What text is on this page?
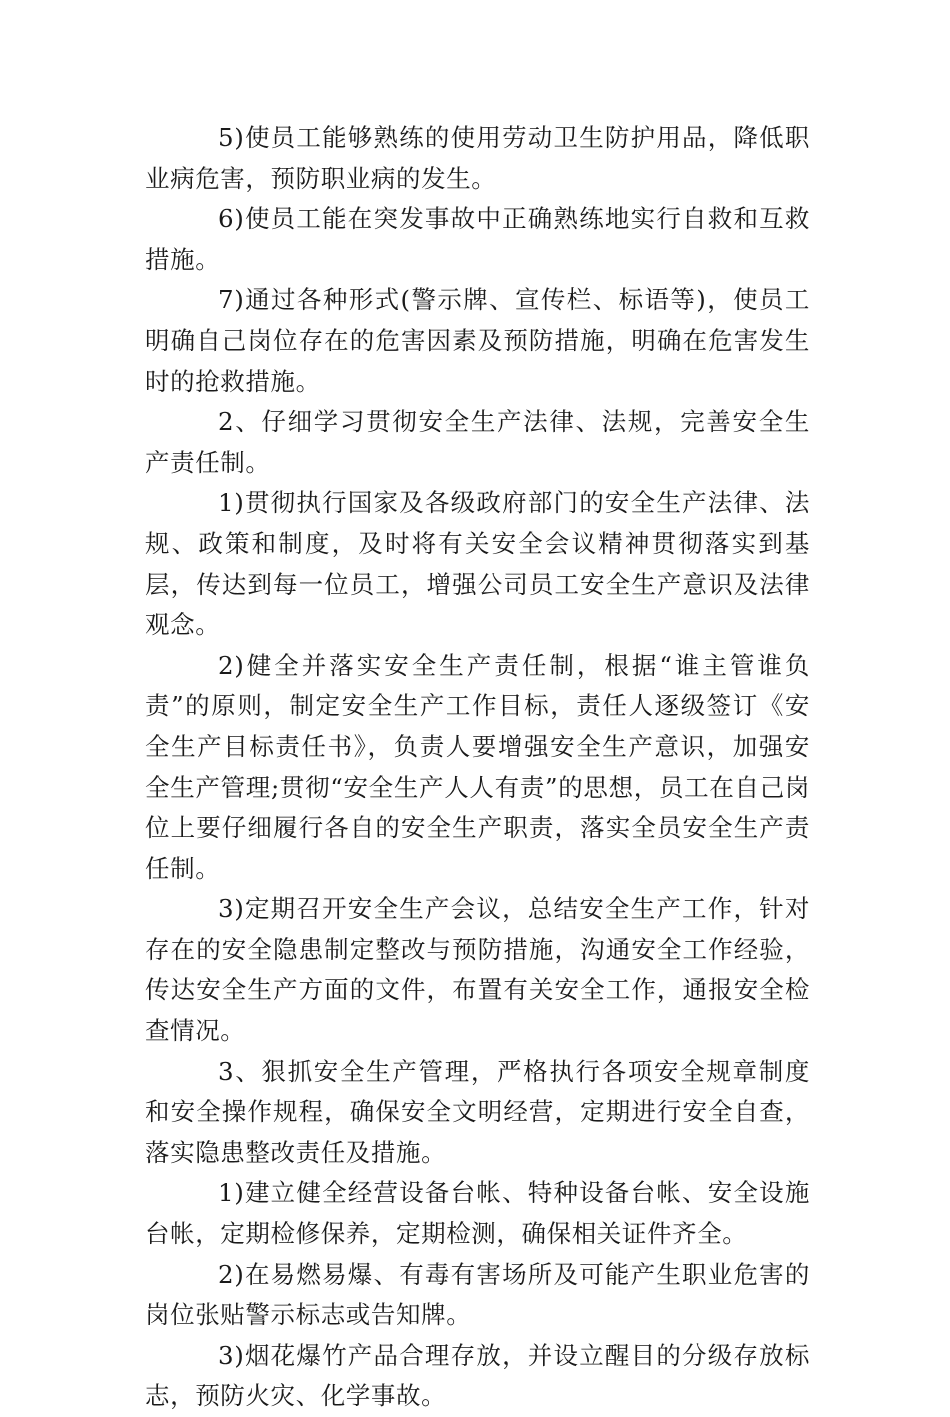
5)使员工能够熟练的使用劳动卫生防护用品，降低职业病危害，预防职业病的发生。

6)使员工能在突发事故中正确熟练地实行自救和互救措施。

7)通过各种形式(警示牌、宣传栏、标语等)，使员工明确自己岗位存在的危害因素及预防措施，明确在危害发生时的抢救措施。

2、仔细学习贯彻安全生产法律、法规，完善安全生产责任制。

1)贯彻执行国家及各级政府部门的安全生产法律、法规、政策和制度，及时将有关安全会议精神贯彻落实到基层，传达到每一位员工，增强公司员工安全生产意识及法律观念。

2)健全并落实安全生产责任制，根据“谁主管谁负责”的原则，制定安全生产工作目标，责任人逐级签订《安全生产目标责任书》，负责人要增强安全生产意识，加强安全生产管理;贯彻“安全生产人人有责”的思想，员工在自己岗位上要仔细履行各自的安全生产职责，落实全员安全生产责任制。

3)定期召开安全生产会议，总结安全生产工作，针对存在的安全隐患制定整改与预防措施，沟通安全工作经验，传达安全生产方面的文件，布置有关安全工作，通报安全检查情况。

3、狠抓安全生产管理，严格执行各项安全规章制度和安全操作规程，确保安全文明经营，定期进行安全自查，落实隐患整改责任及措施。

1)建立健全经营设备台帐、特种设备台帐、安全设施台帐，定期检修保养，定期检测，确保相关证件齐全。

2)在易燃易爆、有毒有害场所及可能产生职业危害的岗位张贴警示标志或告知牌。

3)烟花爆竹产品合理存放，并设立醒目的分级存放标志，预防火灾、化学事故。
